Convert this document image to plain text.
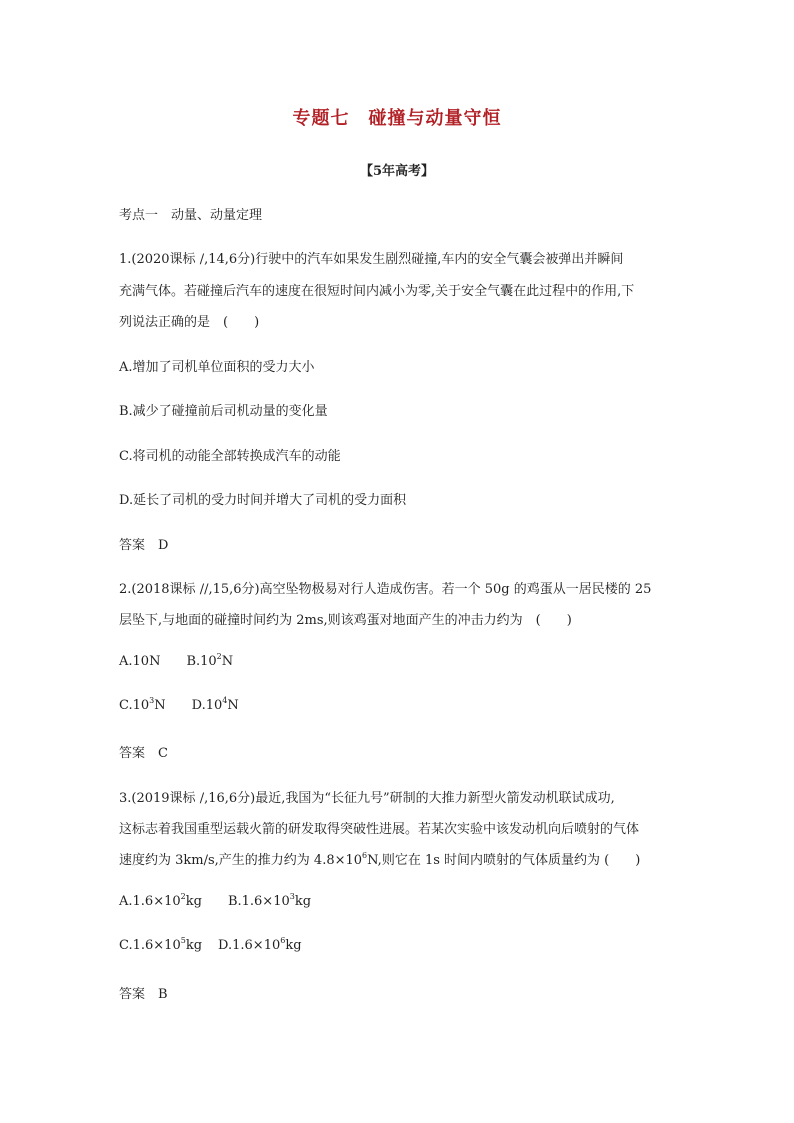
专题七　碰撞与动量守恒
【5年高考】
考点一　动量、动量定理
1.(2020课标 /,14,6分)行驶中的汽车如果发生剧烈碰撞,车内的安全气囊会被弹出并瞬间
充满气体。若碰撞后汽车的速度在很短时间内减小为零,关于安全气囊在此过程中的作用,下
列说法正确的是　(　　)
A.增加了司机单位面积的受力大小
B.减少了碰撞前后司机动量的变化量
C.将司机的动能全部转换成汽车的动能
D.延长了司机的受力时间并增大了司机的受力面积
答案　D
2.(2018课标 //,15,6分)高空坠物极易对行人造成伤害。若一个 50g 的鸡蛋从一居民楼的 25
层坠下,与地面的碰撞时间约为 2ms,则该鸡蛋对地面产生的冲击力约为　(　　)
A.10N $B.10^2N$
$C.10^3N$ $D.10^4N$
答案　C
3.(2019课标 /,16,6分)最近,我国为“长征九号”研制的大推力新型火箭发动机联试成功,
这标志着我国重型运载火箭的研发取得突破性进展。若某次实验中该发动机向后喷射的气体
速度约为 3km/s,产生的推力约为 $4.8\times 10^6N$,则它在 1s 时间内喷射的气体质量约为 (　　)
$A.1.6\times 10^2kg$ $B.1.6\times 10^3kg$
$C.1.6\times 10^5kg$ $D.1.6\times 10^6kg$
答案　B
